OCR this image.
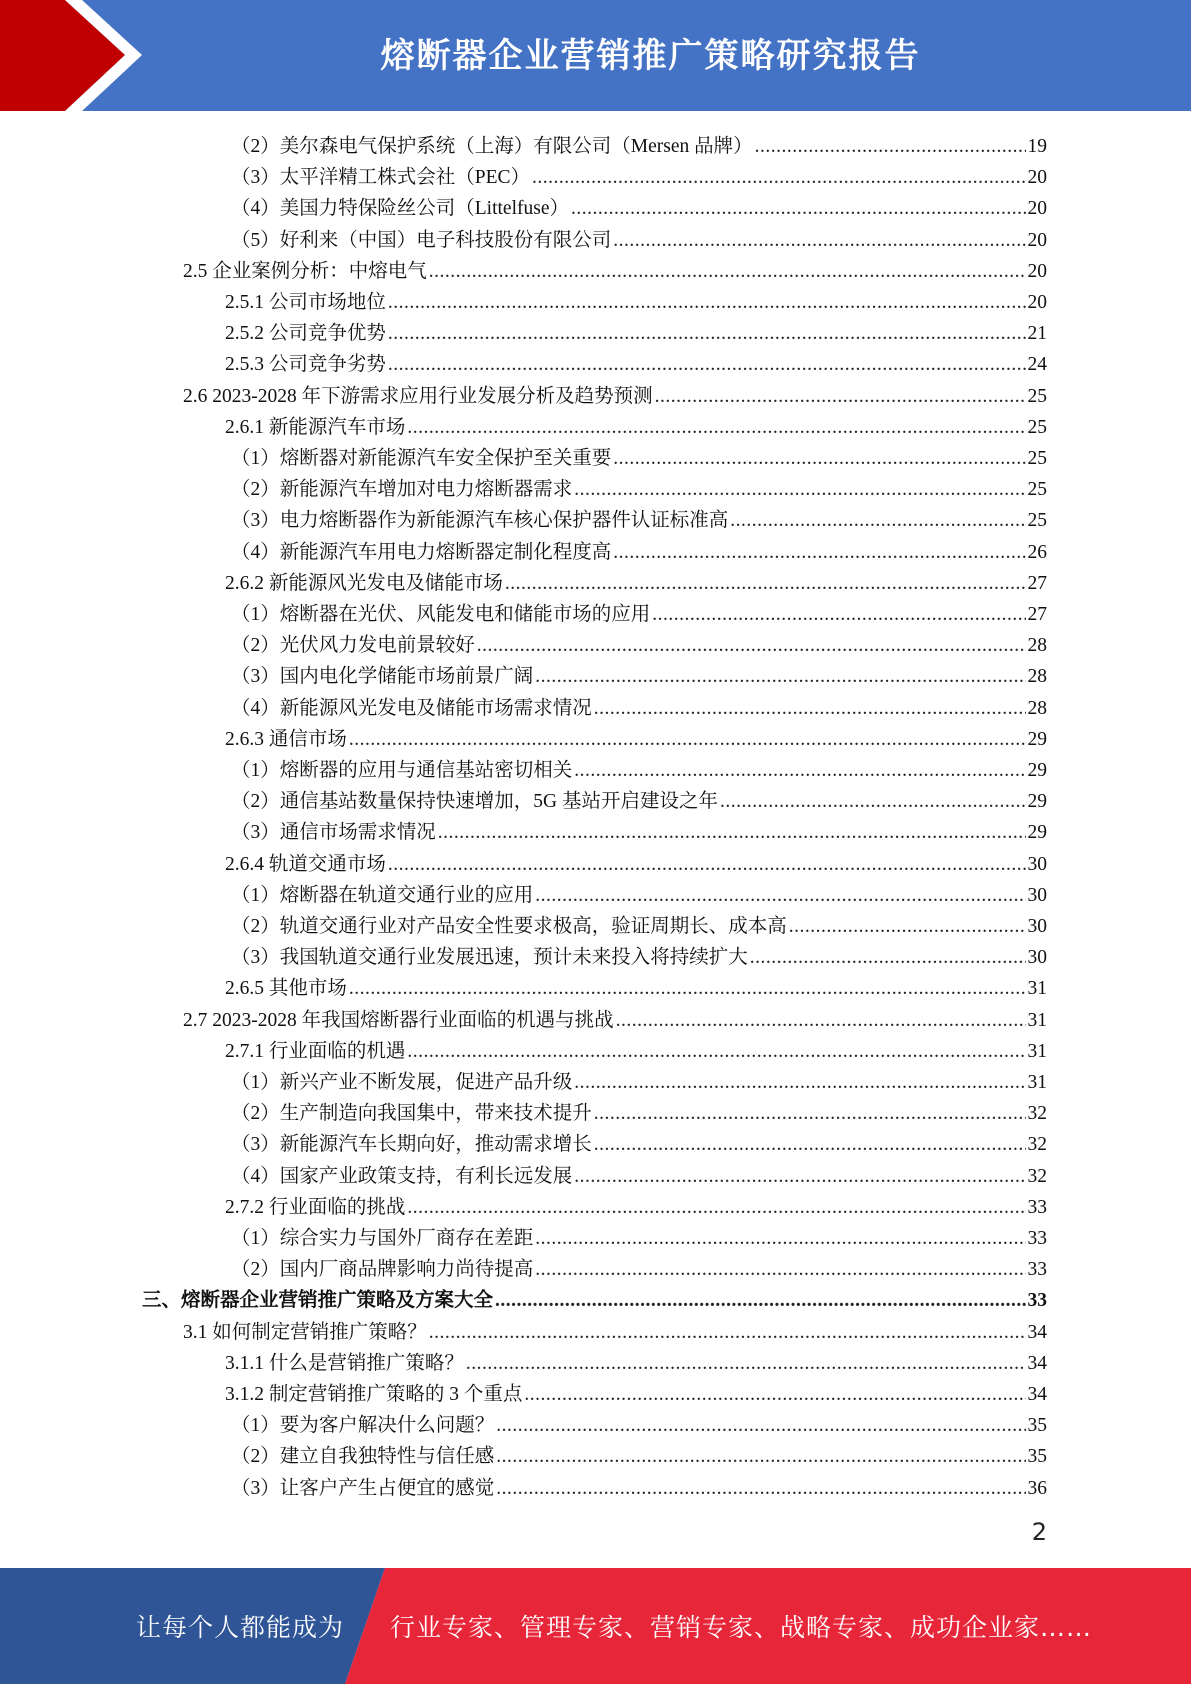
熔断器企业营销推广策略研究报告
（2）美尔森电气保护系统（上海）有限公司（Mersen 品牌） .....	19
（3）太平洋精工株式会社（PEC） .....	20
（4）美国力特保险丝公司（Littelfuse） .....	20
（5）好利来（中国）电子科技股份有限公司 .....	20
2.5 企业案例分析：中熔电气 .....	20
2.5.1 公司市场地位 .....	20
2.5.2 公司竞争优势 .....	21
2.5.3 公司竞争劣势 .....	24
2.6 2023-2028 年下游需求应用行业发展分析及趋势预测 .....	25
2.6.1 新能源汽车市场 .....	25
（1）熔断器对新能源汽车安全保护至关重要 .....	25
（2）新能源汽车增加对电力熔断器需求 .....	25
（3）电力熔断器作为新能源汽车核心保护器件认证标准高 .....	25
（4）新能源汽车用电力熔断器定制化程度高 .....	26
2.6.2 新能源风光发电及储能市场 .....	27
（1）熔断器在光伏、风能发电和储能市场的应用 .....	27
（2）光伏风力发电前景较好 .....	28
（3）国内电化学储能市场前景广阔 .....	28
（4）新能源风光发电及储能市场需求情况 .....	28
2.6.3 通信市场 .....	29
（1）熔断器的应用与通信基站密切相关 .....	29
（2）通信基站数量保持快速增加，5G 基站开启建设之年 .....	29
（3）通信市场需求情况 .....	29
2.6.4 轨道交通市场 .....	30
（1）熔断器在轨道交通行业的应用 .....	30
（2）轨道交通行业对产品安全性要求极高，验证周期长、成本高 .....	30
（3）我国轨道交通行业发展迅速，预计未来投入将持续扩大 .....	30
2.6.5 其他市场 .....	31
2.7 2023-2028 年我国熔断器行业面临的机遇与挑战 .....	31
2.7.1 行业面临的机遇 .....	31
（1）新兴产业不断发展，促进产品升级 .....	31
（2）生产制造向我国集中，带来技术提升 .....	32
（3）新能源汽车长期向好，推动需求增长 .....	32
（4）国家产业政策支持，有利长远发展 .....	32
2.7.2 行业面临的挑战 .....	33
（1）综合实力与国外厂商存在差距 .....	33
（2）国内厂商品牌影响力尚待提高 .....	33
三、熔断器企业营销推广策略及方案大全 .....	33
3.1 如何制定营销推广策略？ .....	34
3.1.1 什么是营销推广策略？ .....	34
3.1.2 制定营销推广策略的 3 个重点 .....	34
（1）要为客户解决什么问题？ .....	35
（2）建立自我独特性与信任感 .....	35
（3）让客户产生占便宜的感觉 .....	36
2
让每个人都能成为	行业专家、管理专家、营销专家、战略专家、成功企业家……
